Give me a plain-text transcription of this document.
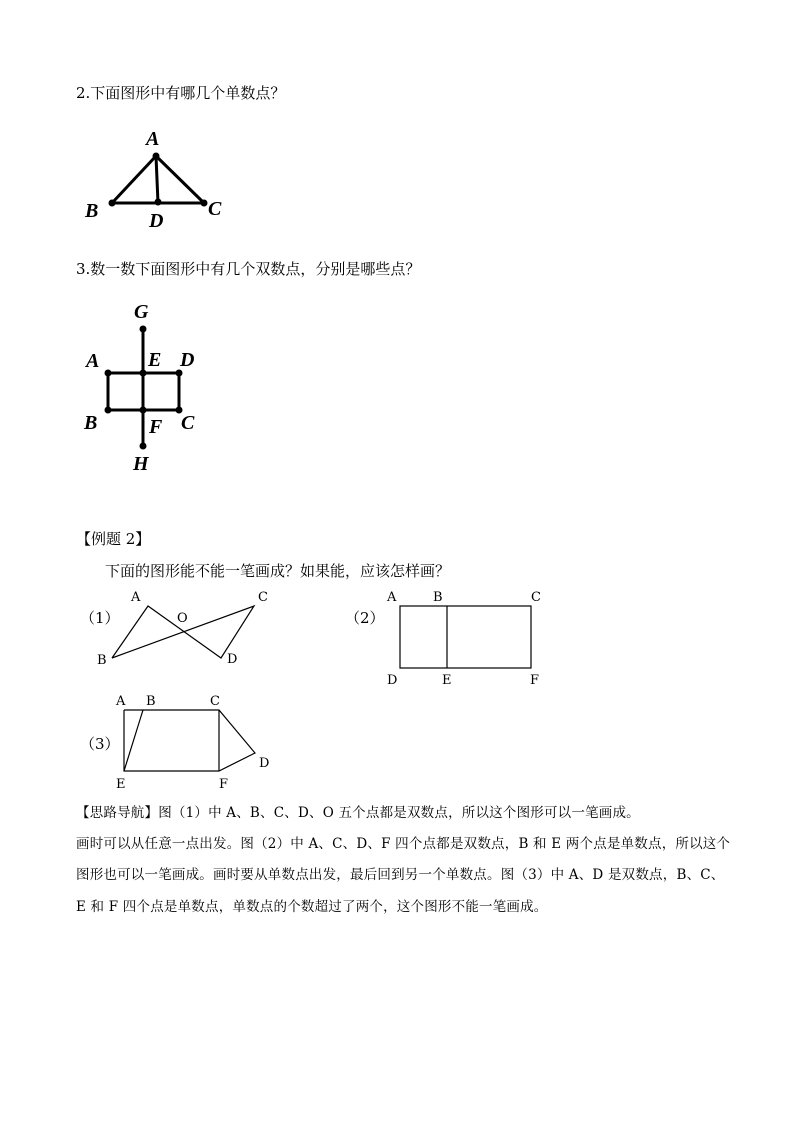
2.下面图形中有哪几个单数点？
A
B	D
C
3.数一数下面图形中有几个双数点，分别是哪些点？
G
A E D
B	F C
H
【例题 2】
下面的图形能不能一笔画成？如果能，应该怎样画？
（1）
A
O
C
B	D
（2）
A	B	C
D	E	F
（3）
A B	C
D
E	F
【思路导航】图（1）中 A、B、C、D、O 五个点都是双数点，所以这个图形可以一笔画成。
画时可以从任意一点出发。图（2）中 A、C、D、F 四个点都是双数点，B 和 E 两个点是单数点，所以这个
图形也可以一笔画成。画时要从单数点出发，最后回到另一个单数点。图（3）中 A、D 是双数点，B、C、
E 和 F 四个点是单数点，单数点的个数超过了两个，这个图形不能一笔画成。
